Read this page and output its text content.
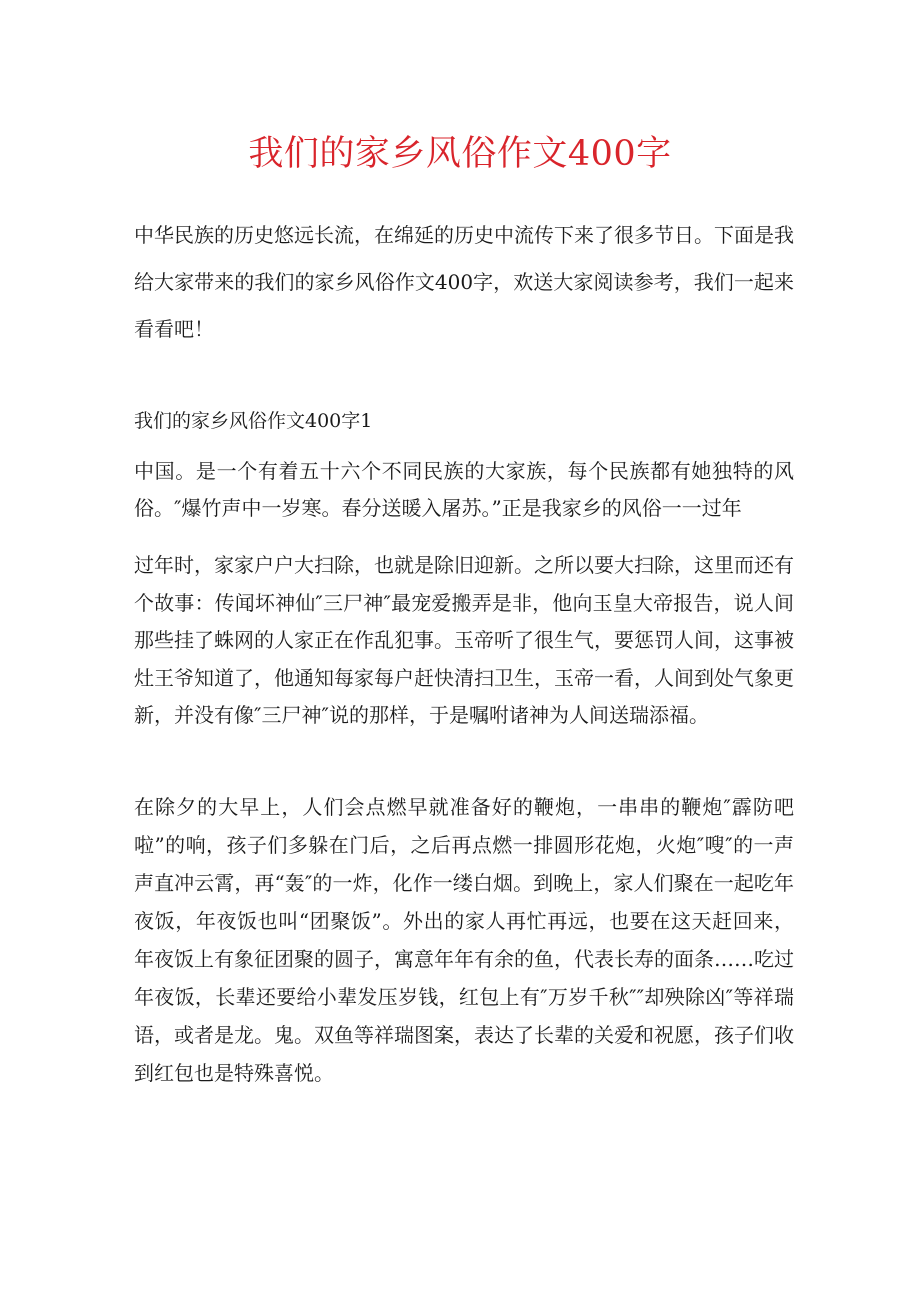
我们的家乡风俗作文400字

中华民族的历史悠远长流，在绵延的历史中流传下来了很多节日。下面是我给大家带来的我们的家乡风俗作文400字，欢送大家阅读参考，我们一起来看看吧！

我们的家乡风俗作文400字1

中国。是一个有着五十六个不同民族的大家族，每个民族都有她独特的风俗。″爆竹声中一岁寒。春分送暖入屠苏。”正是我家乡的风俗一一过年

过年时，家家户户大扫除，也就是除旧迎新。之所以要大扫除，这里而还有个故事：传闻坏神仙″三尸神″最宠爱搬弄是非，他向玉皇大帝报告，说人间那些挂了蛛网的人家正在作乱犯事。玉帝听了很生气，要惩罚人间，这事被灶王爷知道了，他通知每家每户赶快清扫卫生，玉帝一看，人间到处气象更新，并没有像″三尸神″说的那样，于是嘱咐诸神为人间送瑞添福。

在除夕的大早上，人们会点燃早就准备好的鞭炮，一串串的鞭炮″霹防吧啦”的响，孩子们多躲在门后，之后再点燃一排圆形花炮，火炮″嗖″的一声声直冲云霄，再“轰″的一炸，化作一缕白烟。到晚上，家人们聚在一起吃年夜饭，年夜饭也叫“团聚饭”。外出的家人再忙再远，也要在这天赶回来，年夜饭上有象征团聚的圆子，寓意年年有余的鱼，代表长寿的面条……吃过年夜饭，长辈还要给小辈发压岁钱，红包上有″万岁千秋″″却殃除凶″等祥瑞语，或者是龙。鬼。双鱼等祥瑞图案，表达了长辈的关爱和祝愿，孩子们收到红包也是特殊喜悦。
